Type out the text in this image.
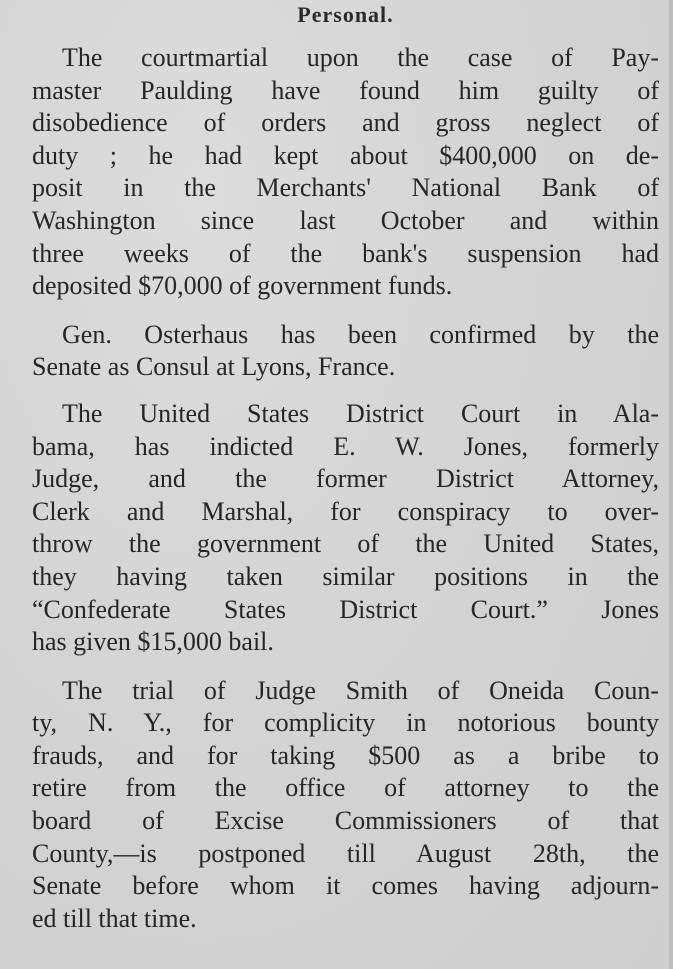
Personal.
The courtmartial upon the case of Pay-
master Paulding have found him guilty of
disobedience of orders and gross neglect of
duty ; he had kept about $400,000 on de-
posit in the Merchants' National Bank of
Washington since last October and within
three weeks of the bank's suspension had
deposited $70,000 of government funds.
Gen. Osterhaus has been confirmed by the
Senate as Consul at Lyons, France.
The United States District Court in Ala-
bama, has indicted E. W. Jones, formerly
Judge, and the former District Attorney,
Clerk and Marshal, for conspiracy to over-
throw the government of the United States,
they having taken similar positions in the
“Confederate States District Court.” Jones
has given $15,000 bail.
The trial of Judge Smith of Oneida Coun-
ty, N. Y., for complicity in notorious bounty
frauds, and for taking $500 as a bribe to
retire from the office of attorney to the
board of Excise Commissioners of that
County,—is postponed till August 28th, the
Senate before whom it comes having adjourn-
ed till that time.
